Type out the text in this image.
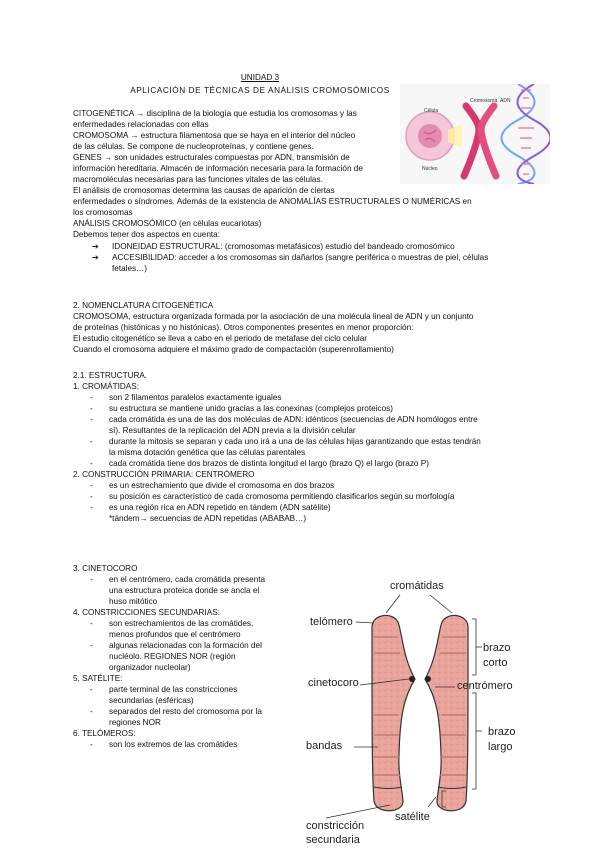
UNIDAD 3
APLICACIÓN DE TÉCNICAS DE ANÁLISIS CROMOSÓMICOS
CITOGENÉTICA → disciplina de la biología que estudia los cromosomas y las
enfermedades relacionadas con ellas
CROMOSOMA → estructura filamentosa que se haya en el interior del núcleo
de las células. Se compone de nucleoproteínas, y contiene genes.
GENES → son unidades estructurales compuestas por ADN, transmisión de
información hereditaria. Almacén de información necesaria para la formación de
macromoléculas necesarias para las funciones vitales de las células.
El análisis de cromosomas determina las causas de aparición de ciertas
enfermedades o síndromes. Además de la existencia de ANOMALÍAS ESTRUCTURALES O NUMÉRICAS en
los cromosomas
ANÁLISIS CROMOSÓMICO (en células eucariotas)
Debemos tener dos aspectos en cuenta:
➔ IDONEIDAD ESTRUCTURAL: (cromosomas metafásicos) estudio del bandeado cromosómico
➔ ACCESIBILIDAD: acceder a los cromosomas sin dañarlos (sangre periférica o muestras de piel, células
fetales…)
2. NOMENCLATURA CITOGENÉTICA
CROMOSOMA, estructura organizada formada por la asociación de una molécula lineal de ADN y un conjunto
de proteínas (histónicas y no histónicas). Otros componentes presentes en menor proporción:
El estudio citogenético se lleva a cabo en el periodo de metafase del ciclo celular
Cuando el cromosoma adquiere el máximo grado de compactación (superenrollamiento)
2.1. ESTRUCTURA.
1. CROMÁTIDAS:
- son 2 filamentos paralelos exactamente iguales
- su estructura se mantiene unido gracias a las conexinas (complejos proteicos)
- cada cromátida es una de las dos moléculas de ADN: idénticos (secuencias de ADN homólogos entre
sí). Resultantes de la replicación del ADN previa a la división celular
- durante la mitosis se separan y cada uno irá a una de las células hijas garantizando que estas tendrán
la misma dotación genética que las células parentales
- cada cromátida tiene dos brazos de distinta longitud el largo (brazo Q) el largo (brazo P)
2. CONSTRUCCIÓN PRIMARIA: CENTRÓMERO
- es un estrechamiento que divide el cromosoma en dos brazos
- su posición es característico de cada cromosoma permitiendo clasificarlos según su morfología
- es una región rica en ADN repetido en tándem (ADN satélite)
*tándem→ secuencias de ADN repetidas (ABABAB…)
3. CINETOCORO
- en el centrómero, cada cromátida presenta
una estructura proteica donde se ancla el
huso mitótico
4. CONSTRICCIONES SECUNDARIAS:
- son estrechamientos de las cromátides,
menos profundos que el centrómero
- algunas relacionadas con la formación del
nucléolo. REGIONES NOR (región
organizador nucleolar)
5. SATÉLITE:
- parte terminal de las constricciones
secundarias (esféricas)
- separados del resto del cromosoma por la
regiones NOR
6. TELÓMEROS:
- son los extremos de las cromátides
Célula
ADN
Cromosoma
Núcleo
cromátidas
telómero
brazo
corto
cinetocoro	centrómero
brazo
largo
bandas
satélite
constricción
secundaria
